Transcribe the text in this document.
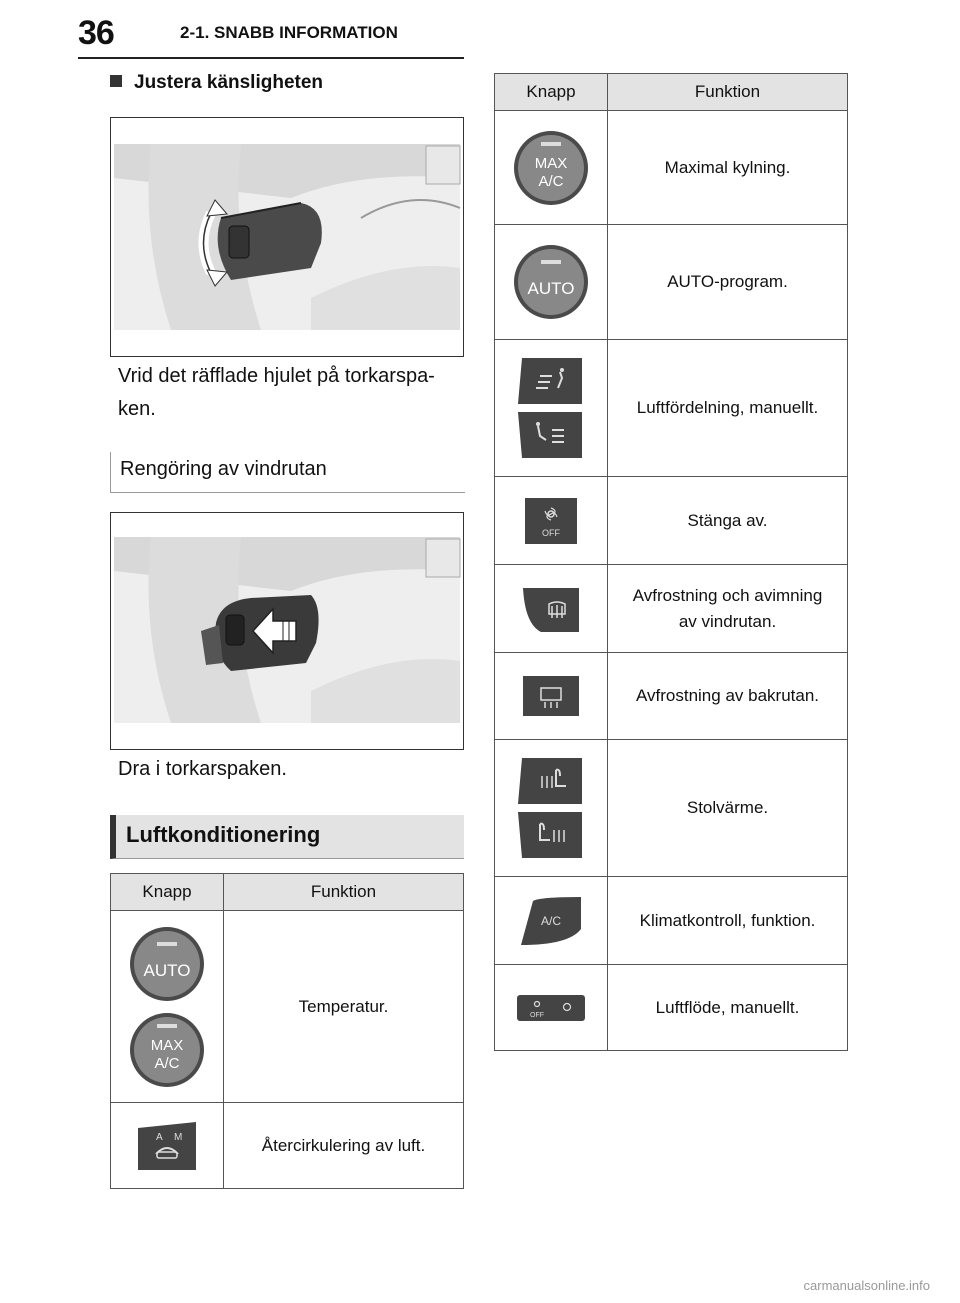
36	2-1. SNABB INFORMATION
Justera känsligheten
Vrid det räfflade hjulet på torkarspa-
ken.
Rengöring av vindrutan
Dra i torkarspaken.
Luftkonditionering
Knapp	Funktion

AUTO
MAX
A/C	Temperatur.

A M	Återcirkulering av luft.
Knapp	Funktion

MAX
A/C	Maximal kylning.

AUTO	AUTO-program.

	Luftfördelning, manuellt.

OFF	Stänga av.

Avfrostning och avimning
av vindrutan.

	Avfrostning av bakrutan.

	Stolvärme.

A/C	Klimatkontroll, funktion.

OFF	Luftflöde, manuellt.
carmanualsonline.info
